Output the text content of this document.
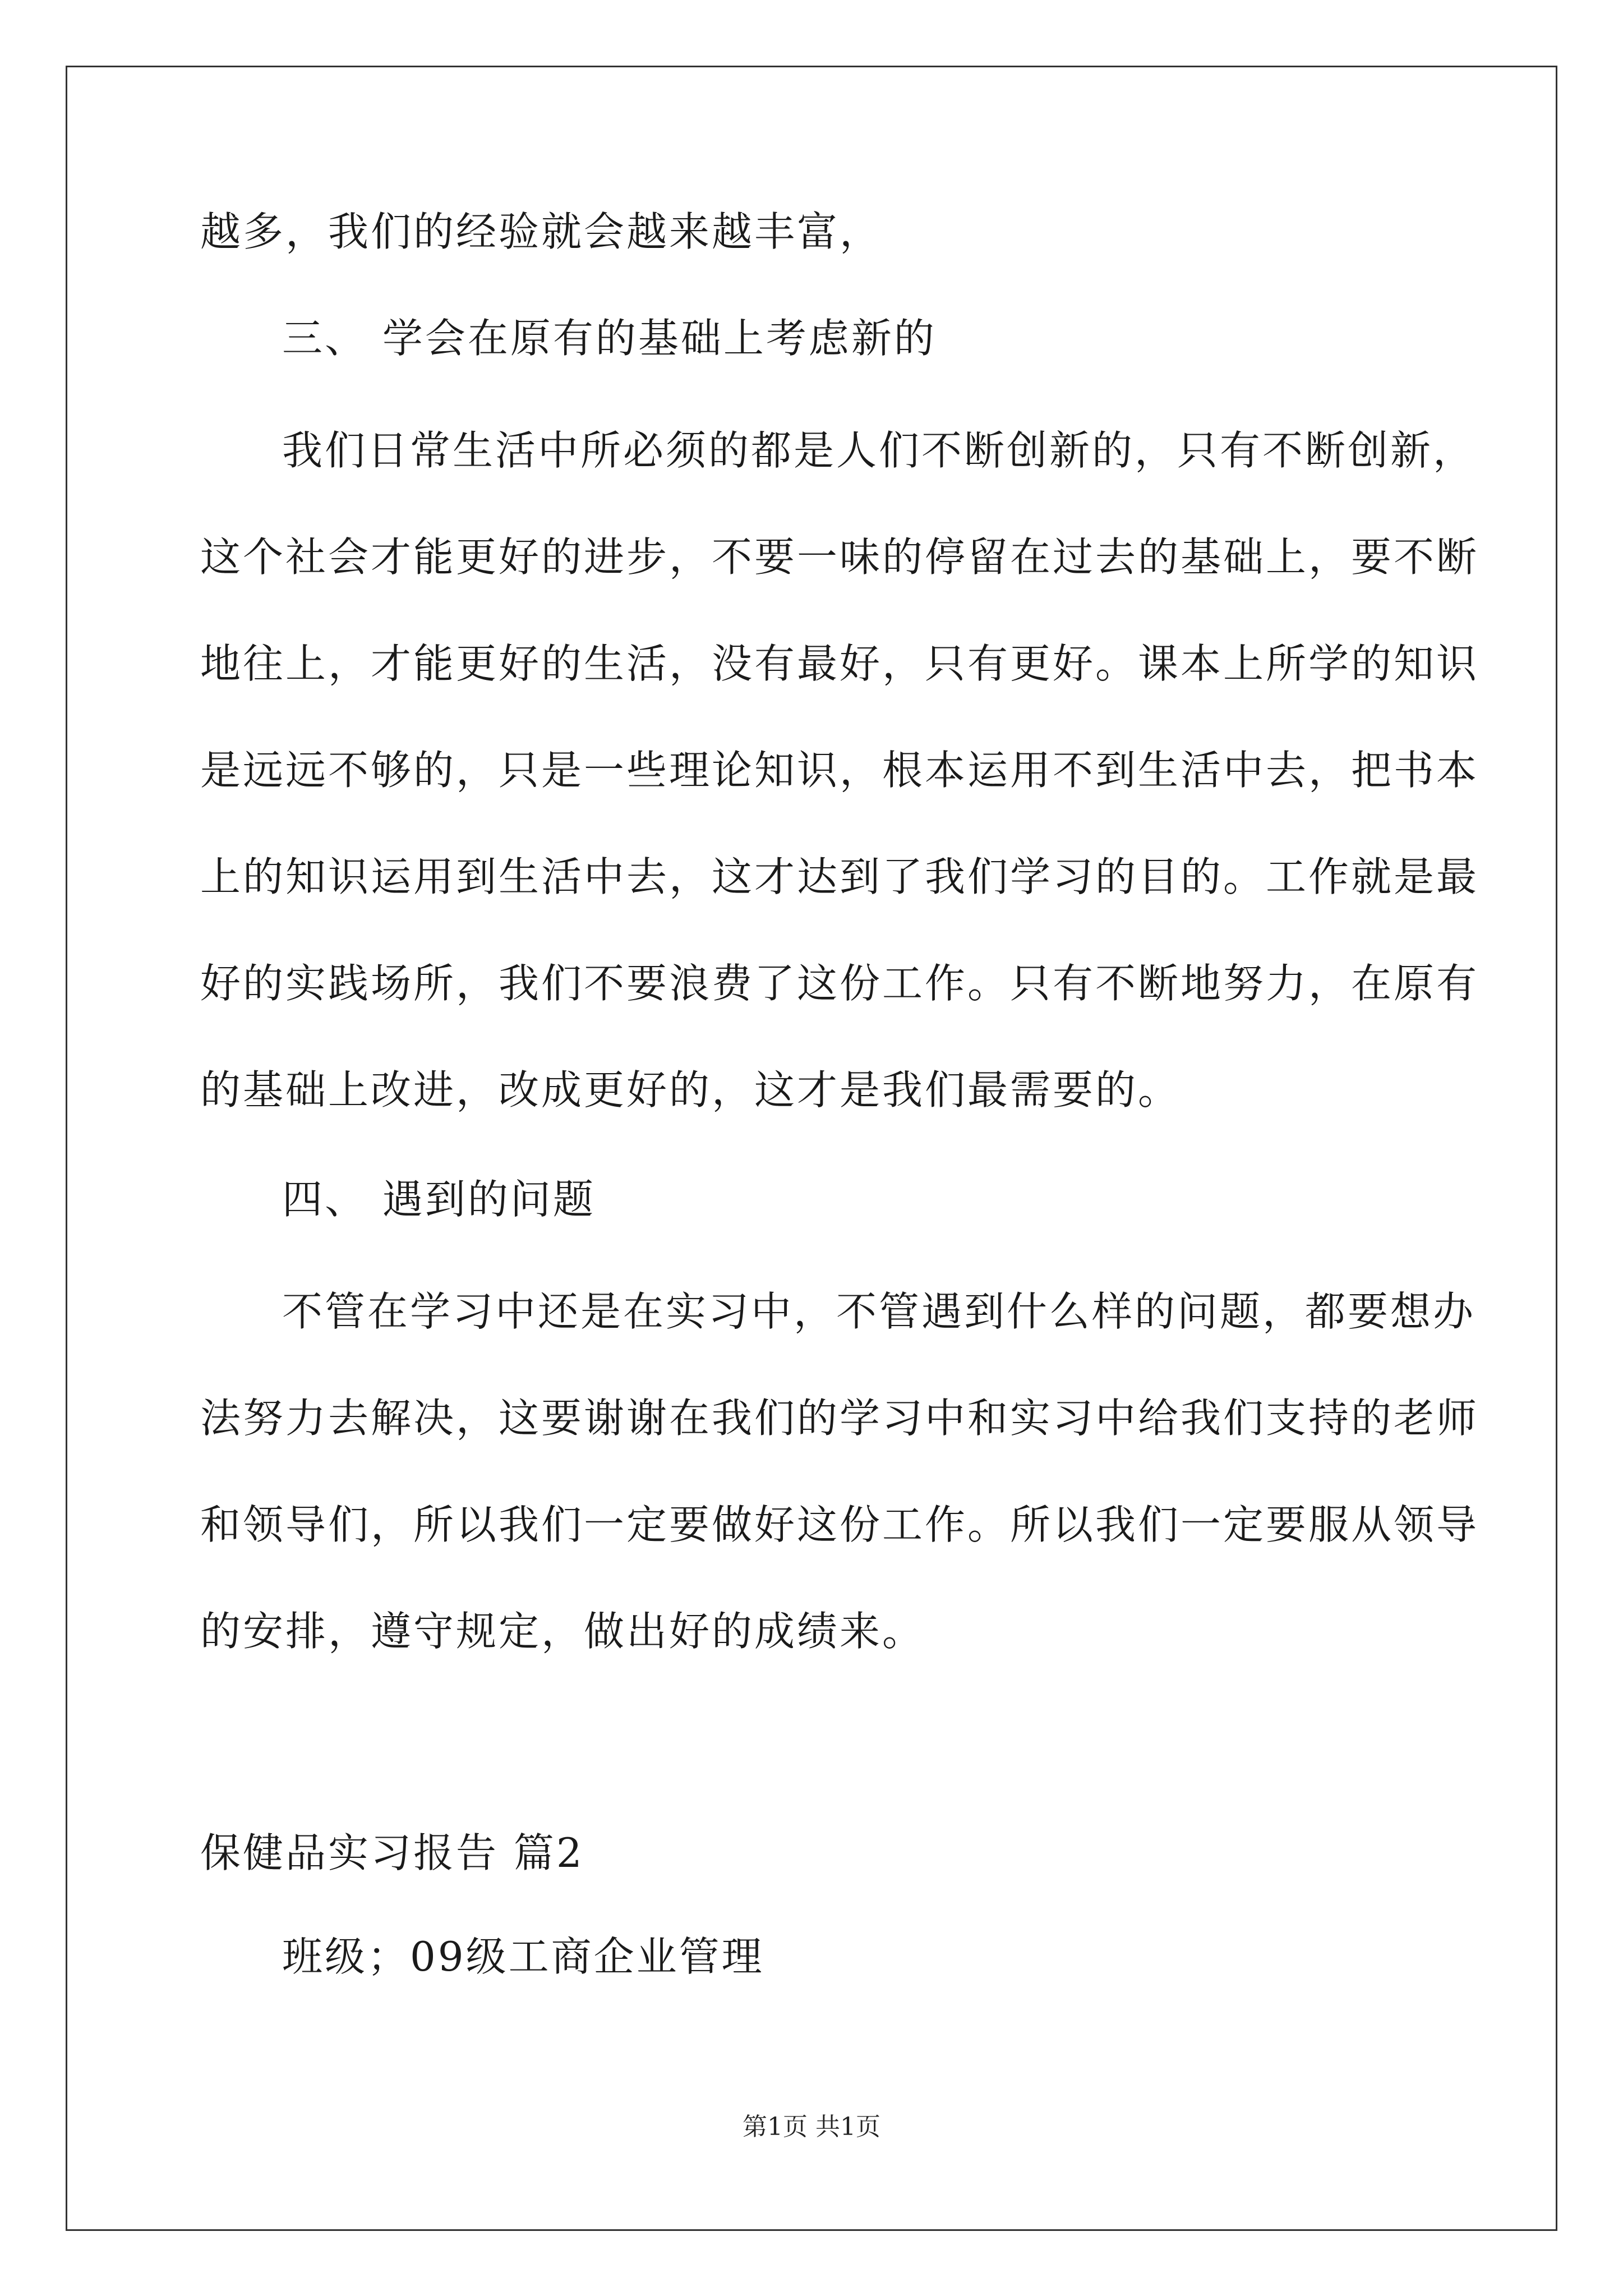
越多，我们的经验就会越来越丰富，
三、 学会在原有的基础上考虑新的
我们日常生活中所必须的都是人们不断创新的，只有不断创新，
这个社会才能更好的进步，不要一味的停留在过去的基础上，要不断
地往上，才能更好的生活，没有最好，只有更好。课本上所学的知识
是远远不够的，只是一些理论知识，根本运用不到生活中去，把书本
上的知识运用到生活中去，这才达到了我们学习的目的。工作就是最
好的实践场所，我们不要浪费了这份工作。只有不断地努力，在原有
的基础上改进，改成更好的，这才是我们最需要的。
四、 遇到的问题
不管在学习中还是在实习中，不管遇到什么样的问题，都要想办
法努力去解决，这要谢谢在我们的学习中和实习中给我们支持的老师
和领导们，所以我们一定要做好这份工作。所以我们一定要服从领导
的安排，遵守规定，做出好的成绩来。
保健品实习报告 篇2
班级；09级工商企业管理
第1页 共1页
